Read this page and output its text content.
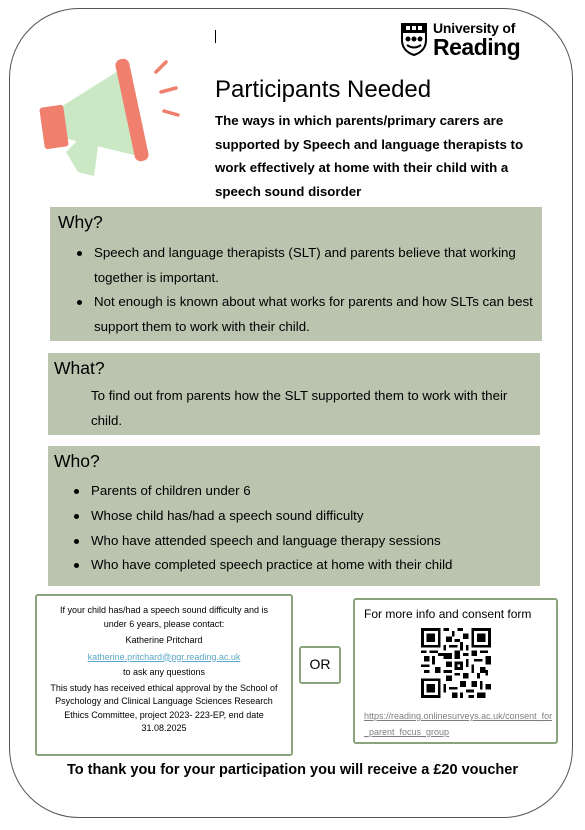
University of
Reading
Participants Needed
The ways in which parents/primary carers are supported by Speech and language therapists to work effectively at home with their child with a speech sound disorder
Why?
Speech and language therapists (SLT) and parents believe that working together is important.
Not enough is known about what works for parents and how SLTs can best support them to work with their child.
What?

To find out from parents how the SLT supported them to work with their child.

Who?
Parents of children under 6
Whose child has/had a speech sound difficulty
Who have attended speech and language therapy sessions
Who have completed speech practice at home with their child

If your child has/had a speech sound difficulty and is under 6 years, please contact:

Katherine Pritchard

katherine.pritchard@pgr.reading.ac.uk

to ask any questions

This study has received ethical approval by the School of Psychology and Clinical Language Sciences Research Ethics Committee, project 2023- 223-EP, end date 31.08.2025

OR

For more info and consent form

https://reading.onlinesurveys.ac.uk/consent_for_parent_focus_group
To thank you for your participation you will receive a £20 voucher
